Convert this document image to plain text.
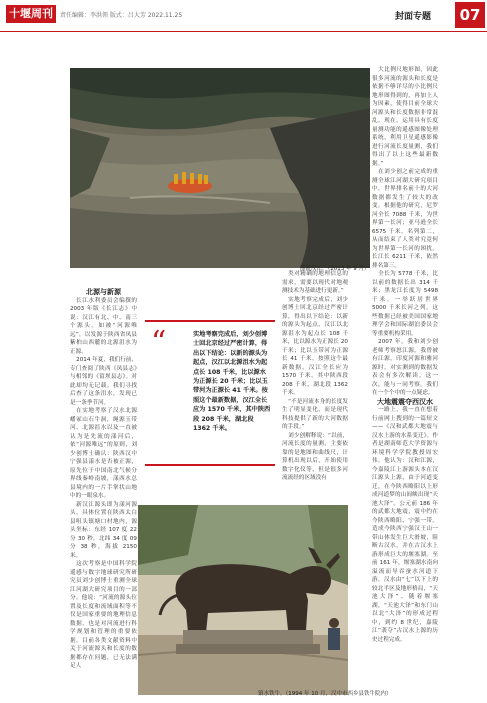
十堰周刊	责任编辑：李洪领 版式：吕大芳 2022.11.25	封面专题	07
漂流汉江。（2013 年 9 月）

北源与新源

长江水利委员会编撰的 2003 年版《长江志》中说：汉江有北、中、南三个源头。如被“河源唯远”，以发源于陕西省凤县紫柏山西麓的北源沮水为正源。

2014 年夏，我们行前，专门查阅了陕西《凤县志》与相邻的《留坝县志》。对此却均无记载。我们寻找后查了这条沮水，发现已是一条季节河。

在实地考察了汉水北源嶓冢山石牛洞，绳源玉带河、北源沮水以及一直被认为是先流的漾河后，依“河源唯远”的原则，刘少创博士确认：陕西汉中宁强县漾水是否被正源，原先位于中国南北气候分界线秦岭南坡，漾西水总县境内的一片手掌状山地中的一眼泉水。

新汉江源头即为漾河源头，具体位置在陕西太白县咀头镇塘口村地内，源头坐标：东经 107 度 22 分 30 秒，北纬 34 度 09 分 38 秒，海拔 2150 米。

这次考察是中国科学院遥感与数字地球研究所研究员刘少创博士重测全球江河湖大研究项目的一部分。他说：“河流的源头位置及长度和流域面积等不仅是国家重要的地理信息数据，也是对河流进行科学规划和管理的重要依据。目前各类文献资料中关于河流源头和长度的数据都存在问题，已无法满足人

“	实地考察完成后，刘少创博士回北京经过严密计算，得出以下结论：以新的源头为起点，汉江以北源沮水为起点长 108 千米，比以源水为正源长 20 千米；比以玉带河为正源长 41 千米。按照这个最新数据，汉江全长应为 1570 千米，其中陕西段 208 千米，湖北段 1362 千米。

类对精确的地理信息的需求，需要以现代对地观测技术为基础进行更新。”

实地考察完成后，刘少创博士回北京经过严密计算，得出以下结论：以新的源头为起点，汉江以北源沮水为起点长 108 千米，比以源水为正源长 20 千米；比以玉带河为正源长 41 千米。按照这个最新数据，汉江全长应为 1570 千米，其中陕西段 208 千米，湖北段 1362 千米。

“不是河流本身的长度发生了明显变化，而是现代科技提供了新的大河数据的手段。”

刘少创解释说：“以前，河流长度的量测，主要依靠的是地图和曲线尺，计算机出现以后，开始使用数字化仪等，但是很多河流流经的区域没有

大比例尺地形图，因此很多河流的源头和长度是依据不够详尽的小比例尺地形图得到的，再加上人为因素，使得目前全球大河源头和长度数据非常混乱。现在，运用具有长度量测功能的遥感图像处理系统，利用卫星遥感影像进行河流长度量测，我们得出了以上这些最新数据。”

在刘少创之前完成的重测全球江河湖大研究项目中，世界排名前十的大河数据都发生了较大的改变。根据他的研究，尼罗河全长 7088 千米，为世界第一长河；亚马逊全长 6575 千米，名列第二，从而结束了人类对究竟何为世界第一长河的困扰。长江长 6211 千米，依然排名第三。

全长为 5778 千米，比以前的数据长出 314 千米；黑龙江长度为 5498 千米。一举跃居世界 5000 千米长河之列。这些数据已经被美国国家地理学会和国际湖泊委员会等重要机构采用。

2007 年，我和刘少创老师考察怒江源。我曾被有江源，印度河源和雅河源时，对实测到的数据发表会有多次解读。这一次，能与一同考察。我们在一个个中的一点疑虑。

大地震震夺西汉水

一路上，我一直在想着行前网上搜到的一篇短文——《汉和武都大地震与汉水上游的水系变迁》。作者是湖南师范大学资源与环境科学学院教授周宏伟。他认为：汉和江源，今嘉陵江上游源头本在汉江源头上源，由于河道变迁，在今陕西略阳以上形成河道梦的山间峡出现“天池大泽”。公元前 186 年的武都大地震，震中约在今陕西略阳、宁强一带。造成今陕西宁强汉王山一带山体发生巨大滑坡，阻断古汉水，并在古汉水上游形成巨大的堰塞湖。至前 161 年，堰塞湖水南向溢流而导吞蚕水河道下游，汉水由“七”以下上的较北半区及地形格局，“天池大泽”、随着堰塞湖，“天池大泽”和东门山以北“大泽”的形成过程中，到约 8 世纪，嘉陵江“袭夺”古汉水上源的历史过程完成。

镇水铁牛。（1994 年 10 月，汉中市西乡县铁牛院内）
